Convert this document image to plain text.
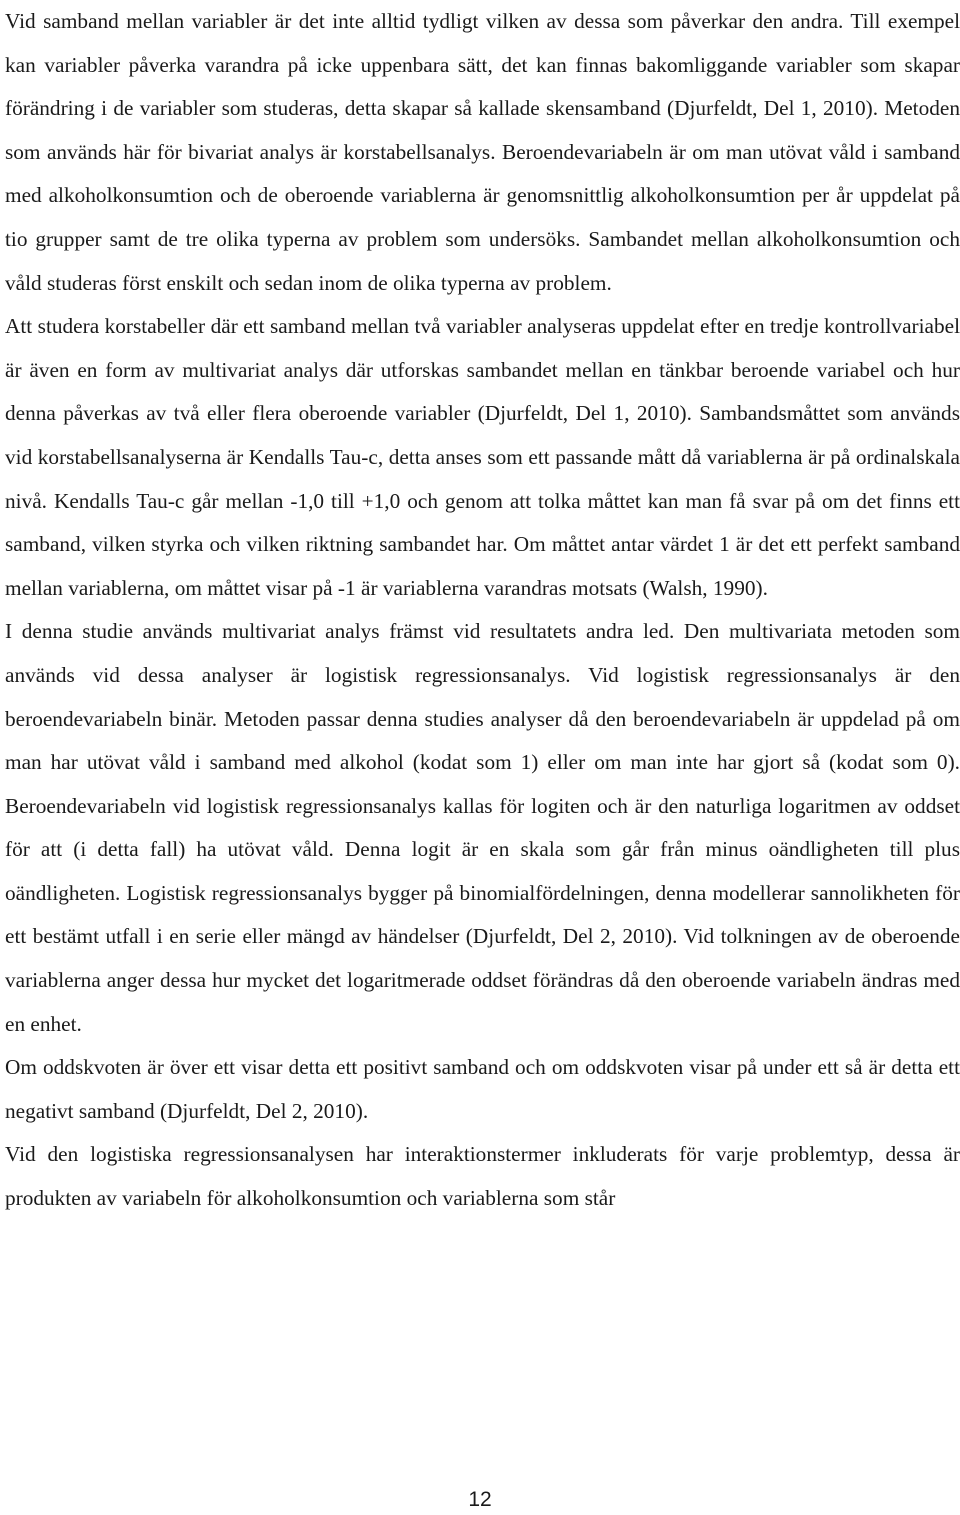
Vid samband mellan variabler är det inte alltid tydligt vilken av dessa som påverkar den andra. Till exempel kan variabler påverka varandra på icke uppenbara sätt, det kan finnas bakomliggande variabler som skapar förändring i de variabler som studeras, detta skapar så kallade skensamband (Djurfeldt, Del 1, 2010). Metoden som används här för bivariat analys är korstabellsanalys. Beroendevariabeln är om man utövat våld i samband med alkoholkonsumtion och de oberoende variablerna är genomsnittlig alkoholkonsumtion per år uppdelat på tio grupper samt de tre olika typerna av problem som undersöks. Sambandet mellan alkoholkonsumtion och våld studeras först enskilt och sedan inom de olika typerna av problem.

Att studera korstabeller där ett samband mellan två variabler analyseras uppdelat efter en tredje kontrollvariabel är även en form av multivariat analys där utforskas sambandet mellan en tänkbar beroende variabel och hur denna påverkas av två eller flera oberoende variabler (Djurfeldt, Del 1, 2010). Sambandsmåttet som används vid korstabellsanalyserna är Kendalls Tau-c, detta anses som ett passande mått då variablerna är på ordinalskala nivå. Kendalls Tau-c går mellan -1,0 till +1,0 och genom att tolka måttet kan man få svar på om det finns ett samband, vilken styrka och vilken riktning sambandet har. Om måttet antar värdet 1 är det ett perfekt samband mellan variablerna, om måttet visar på -1 är variablerna varandras motsats (Walsh, 1990).

I denna studie används multivariat analys främst vid resultatets andra led. Den multivariata metoden som används vid dessa analyser är logistisk regressionsanalys. Vid logistisk regressionsanalys är den beroendevariabeln binär. Metoden passar denna studies analyser då den beroendevariabeln är uppdelad på om man har utövat våld i samband med alkohol (kodat som 1) eller om man inte har gjort så (kodat som 0). Beroendevariabeln vid logistisk regressionsanalys kallas för logiten och är den naturliga logaritmen av oddset för att (i detta fall) ha utövat våld. Denna logit är en skala som går från minus oändligheten till plus oändligheten. Logistisk regressionsanalys bygger på binomialfördelningen, denna modellerar sannolikheten för ett bestämt utfall i en serie eller mängd av händelser (Djurfeldt, Del 2, 2010). Vid tolkningen av de oberoende variablerna anger dessa hur mycket det logaritmerade oddset förändras då den oberoende variabeln ändras med en enhet.

Om oddskvoten är över ett visar detta ett positivt samband och om oddskvoten visar på under ett så är detta ett negativt samband (Djurfeldt, Del 2, 2010).

Vid den logistiska regressionsanalysen har interaktionstermer inkluderats för varje problemtyp, dessa är produkten av variabeln för alkoholkonsumtion och variablerna som står

12
